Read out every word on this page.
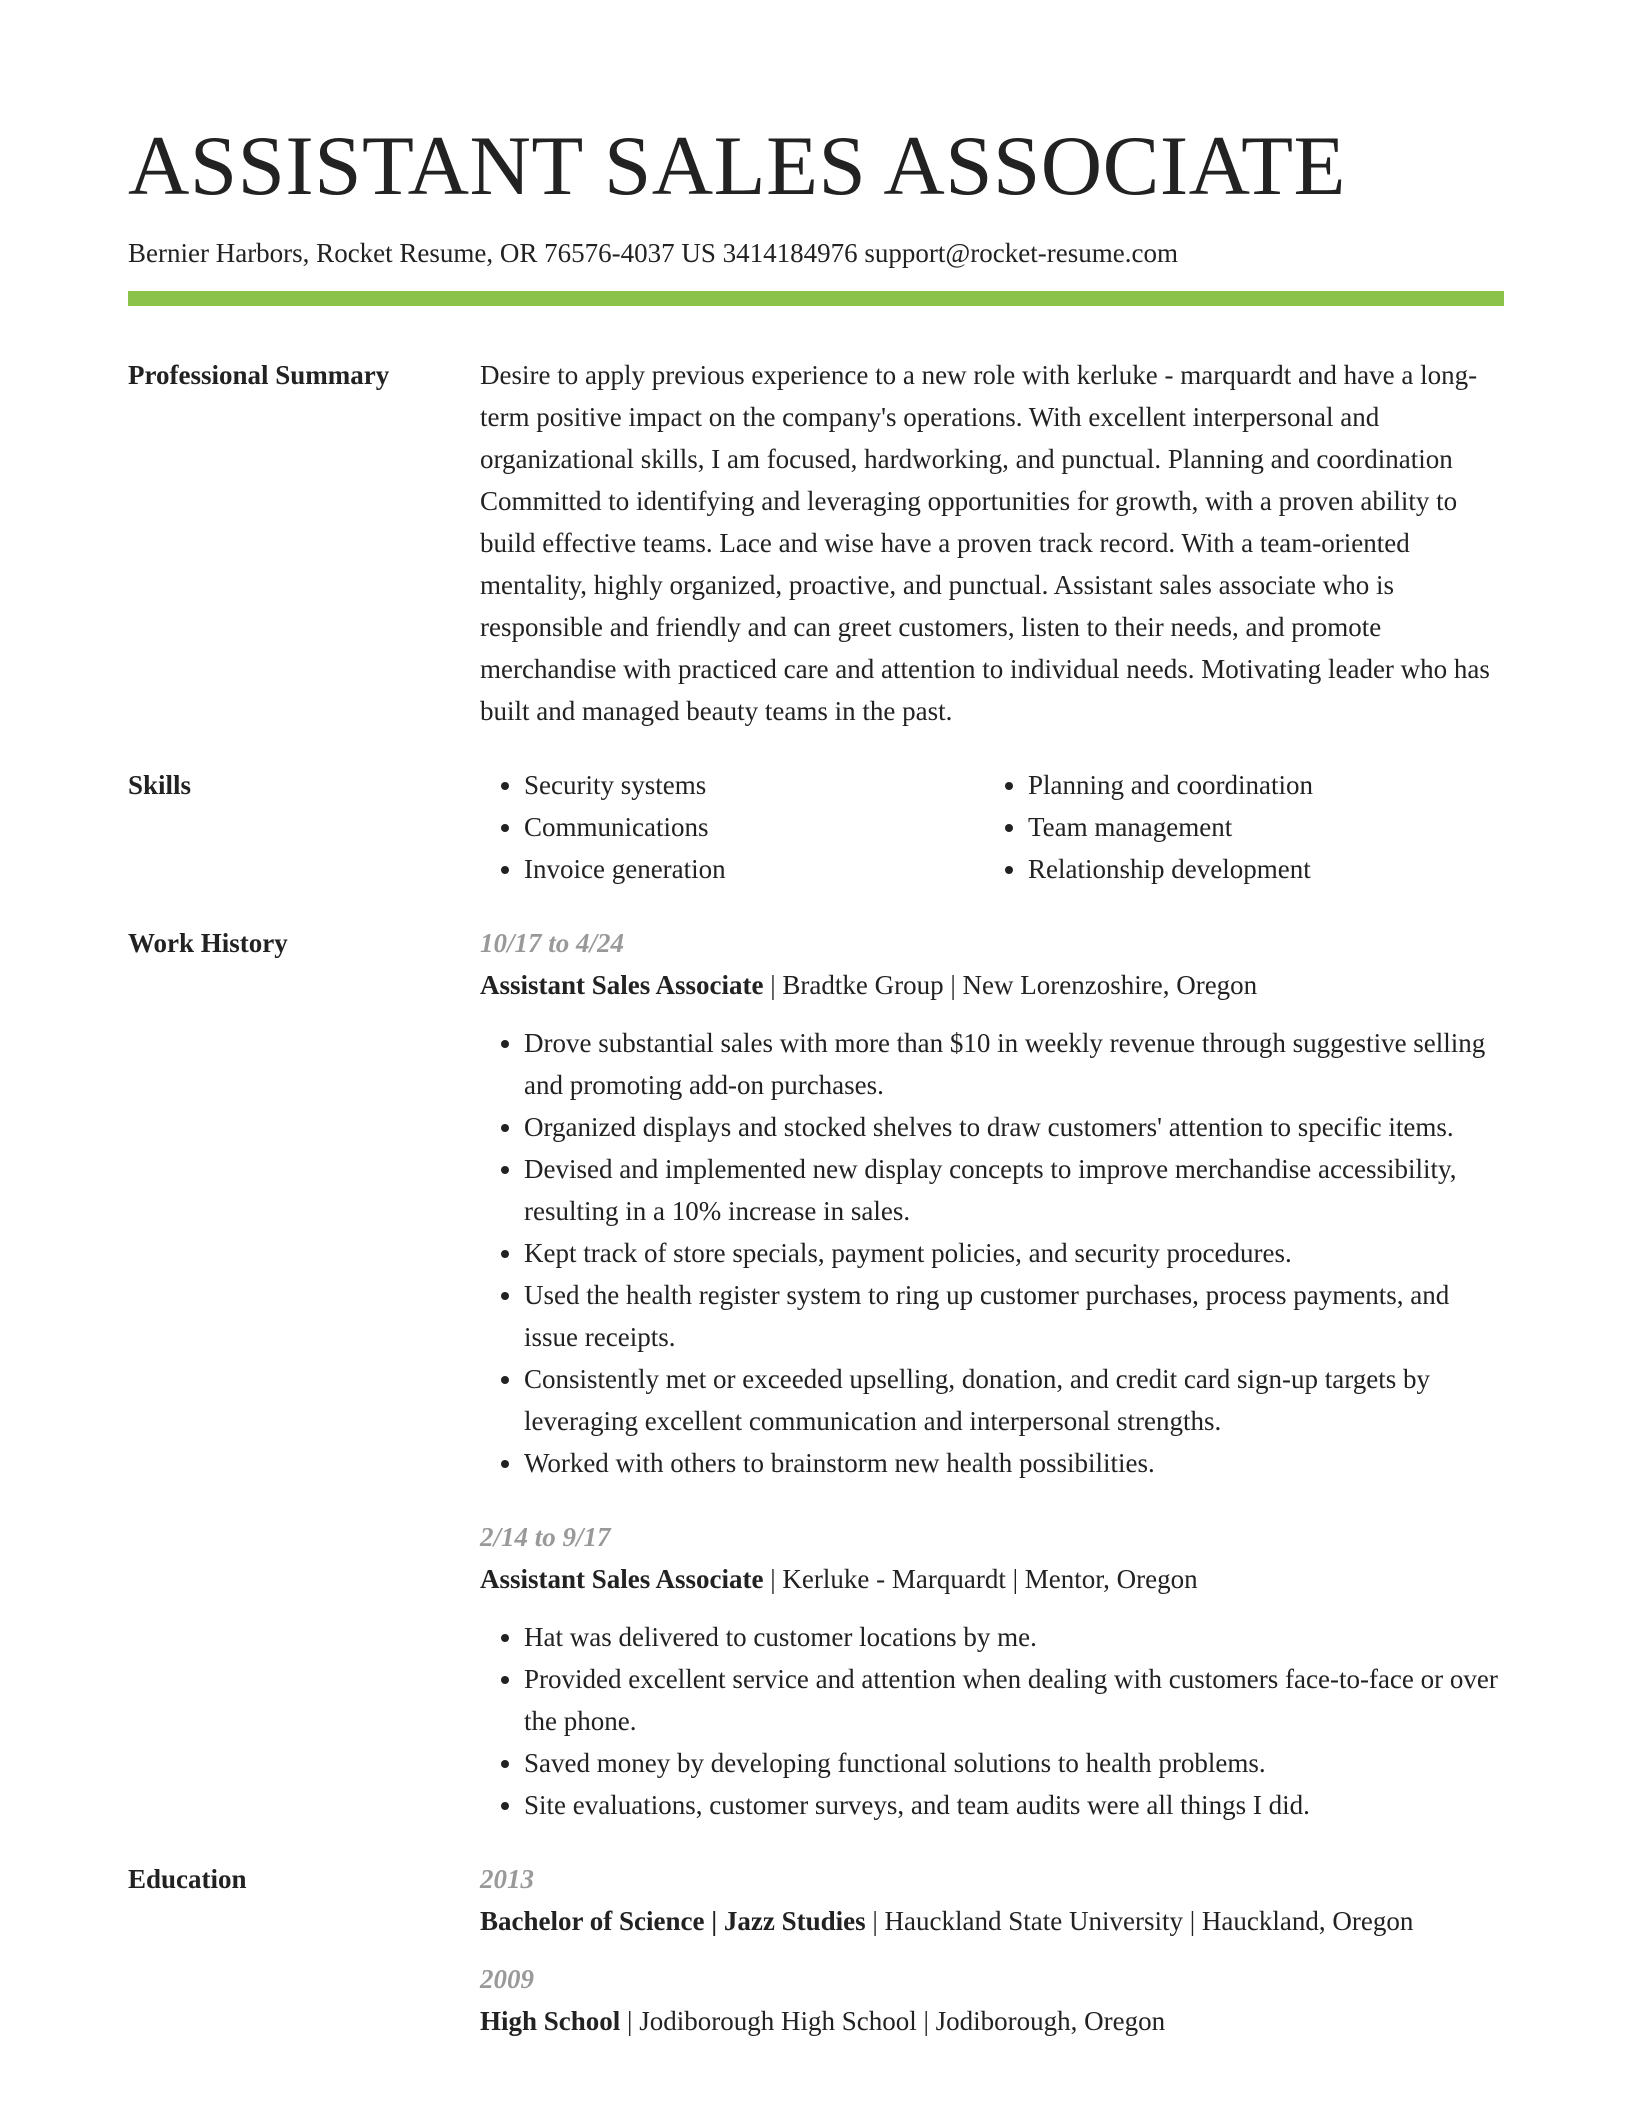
ASSISTANT SALES ASSOCIATE
Bernier Harbors, Rocket Resume, OR 76576-4037 US 3414184976 support@rocket-resume.com
Professional Summary	Desire to apply previous experience to a new role with kerluke - marquardt and have a long-term positive impact on the company's operations. With excellent interpersonal and organizational skills, I am focused, hardworking, and punctual. Planning and coordination Committed to identifying and leveraging opportunities for growth, with a proven ability to build effective teams. Lace and wise have a proven track record. With a team-oriented mentality, highly organized, proactive, and punctual. Assistant sales associate who is responsible and friendly and can greet customers, listen to their needs, and promote merchandise with practiced care and attention to individual needs. Motivating leader who has built and managed beauty teams in the past.

Skills
•	Security systems
• Communications
• Invoice generation
• Planning and coordination
• Team management
• Relationship development
Work History	10/17 to 4/24
Assistant Sales Associate | Bradtke Group | New Lorenzoshire, Oregon
• Drove substantial sales with more than $10 in weekly revenue through suggestive selling and promoting add-on purchases.
• Organized displays and stocked shelves to draw customers' attention to specific items.
• Devised and implemented new display concepts to improve merchandise accessibility, resulting in a 10% increase in sales.
• Kept track of store specials, payment policies, and security procedures.
• Used the health register system to ring up customer purchases, process payments, and issue receipts.
• Consistently met or exceeded upselling, donation, and credit card sign-up targets by leveraging excellent communication and interpersonal strengths.
• Worked with others to brainstorm new health possibilities.
2/14 to 9/17
Assistant Sales Associate | Kerluke - Marquardt | Mentor, Oregon
• Hat was delivered to customer locations by me.
• Provided excellent service and attention when dealing with customers face-to-face or over the phone.
• Saved money by developing functional solutions to health problems.
• Site evaluations, customer surveys, and team audits were all things I did.
Education	2013
Bachelor of Science | Jazz Studies | Hauckland State University | Hauckland, Oregon
2009
High School | Jodiborough High School | Jodiborough, Oregon
